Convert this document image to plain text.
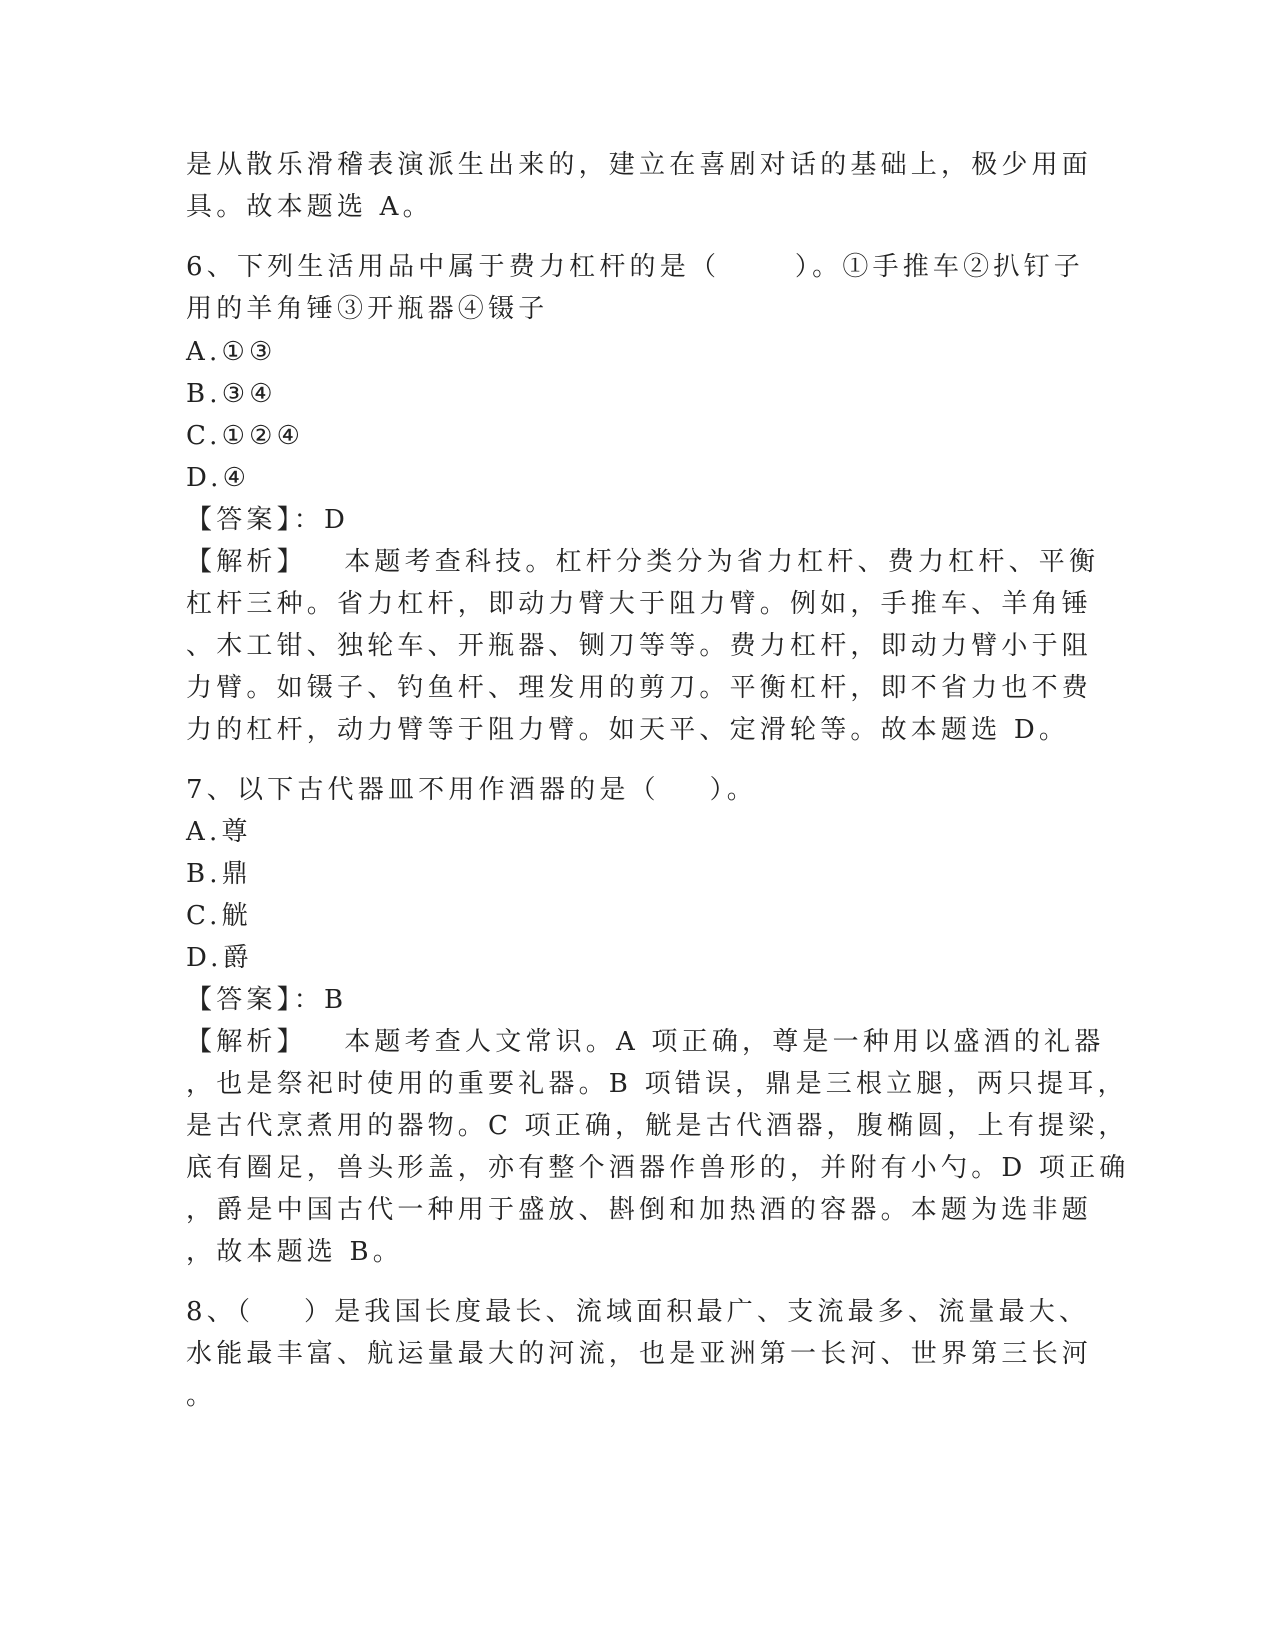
是从散乐滑稽表演派生出来的，建立在喜剧对话的基础上，极少用面
具。故本题选 A。
6、下列生活用品中属于费力杠杆的是（      ）。①手推车②扒钉子
用的羊角锤③开瓶器④镊子
A.①③
B.③④
C.①②④
D.④
【答案】：D
【解析】   本题考查科技。杠杆分类分为省力杠杆、费力杠杆、平衡
杠杆三种。省力杠杆，即动力臂大于阻力臂。例如，手推车、羊角锤
、木工钳、独轮车、开瓶器、铡刀等等。费力杠杆，即动力臂小于阻
力臂。如镊子、钓鱼杆、理发用的剪刀。平衡杠杆，即不省力也不费
力的杠杆，动力臂等于阻力臂。如天平、定滑轮等。故本题选 D。
7、以下古代器皿不用作酒器的是（    ）。
A.尊
B.鼎
C.觥
D.爵
【答案】：B
【解析】   本题考查人文常识。A 项正确，尊是一种用以盛酒的礼器
，也是祭祀时使用的重要礼器。B 项错误，鼎是三根立腿，两只提耳，
是古代烹煮用的器物。C 项正确，觥是古代酒器，腹椭圆，上有提梁，
底有圈足，兽头形盖，亦有整个酒器作兽形的，并附有小勺。D 项正确
，爵是中国古代一种用于盛放、斟倒和加热酒的容器。本题为选非题
，故本题选 B。
8、（    ）是我国长度最长、流域面积最广、支流最多、流量最大、
水能最丰富、航运量最大的河流，也是亚洲第一长河、世界第三长河
。
